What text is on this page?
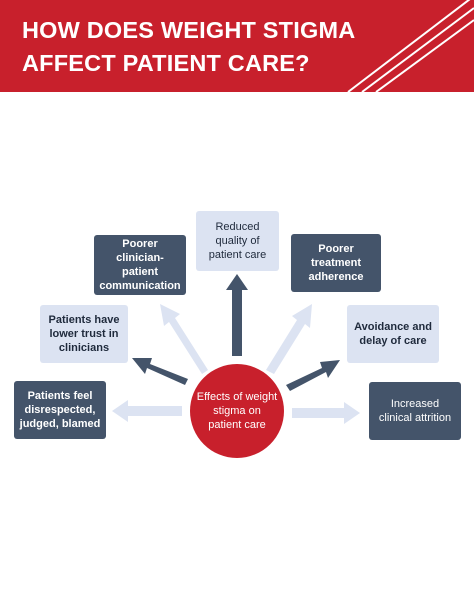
HOW DOES WEIGHT STIGMA AFFECT PATIENT CARE?
Patients feel disrespected, judged, blamed
Patients have lower trust in clinicians
Poorer clinician-patient communication
Reduced quality of patient care	Poorer treatment adherence
Avoidance and delay of care
Increased clinical attrition
Effects of weight stigma on patient care
